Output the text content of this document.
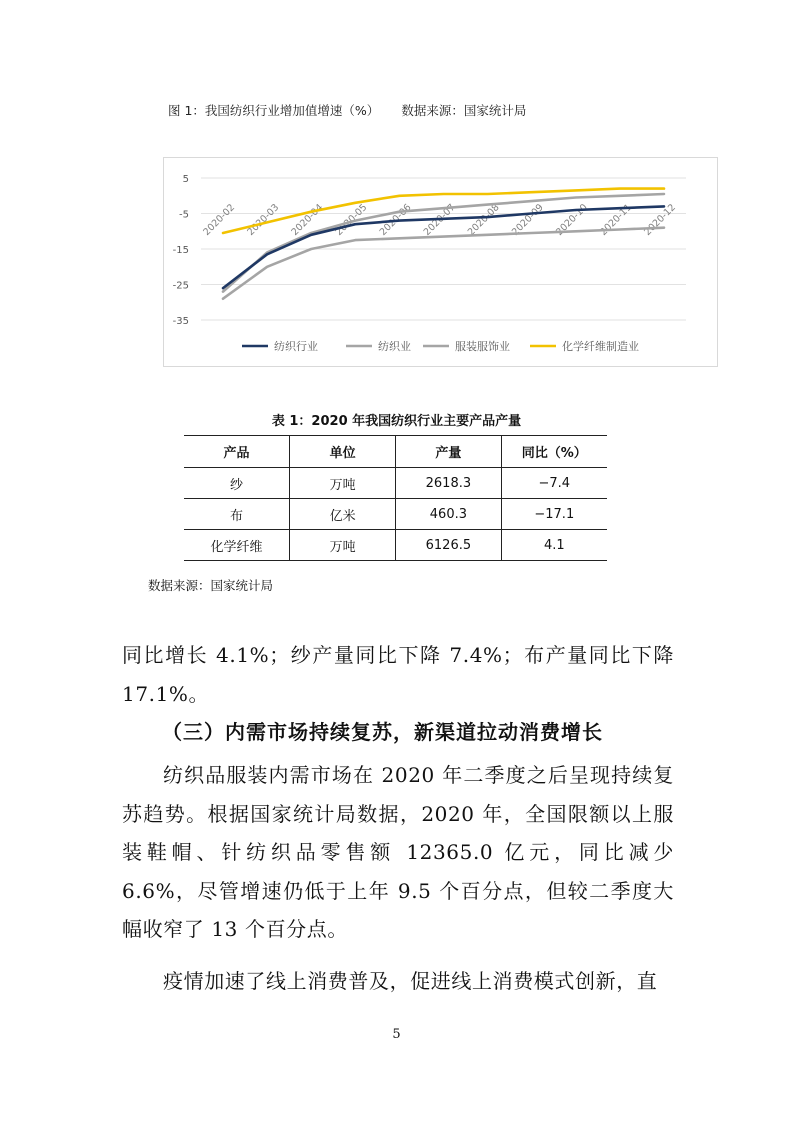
图 1：我国纺织行业增加值增速（%） 数据来源：国家统计局
5
-5
-15
-25
-35
2020-02 2020-03 2020-04 2020-05 2020-06 2020-07 2020-08 2020-09 2020-10 2020-11 2020-12
纺织行业	纺织业	服装服饰业	化学纤维制造业
表 1：2020 年我国纺织行业主要产品产量
产品	单位	产量	同比（%）
纱	万吨	2618.3	−7.4
布	亿米	460.3	−17.1
化学纤维	万吨	6126.5	4.1
数据来源：国家统计局
同比增长 4.1%；纱产量同比下降 7.4%；布产量同比下降 17.1%。
（三）内需市场持续复苏，新渠道拉动消费增长
纺织品服装内需市场在 2020 年二季度之后呈现持续复苏趋势。根据国家统计局数据，2020 年，全国限额以上服装鞋帽、针纺织品零售额 12365.0 亿元，同比减少 6.6%，尽管增速仍低于上年 9.5 个百分点，但较二季度大幅收窄了 13 个百分点。
疫情加速了线上消费普及，促进线上消费模式创新，直
5
